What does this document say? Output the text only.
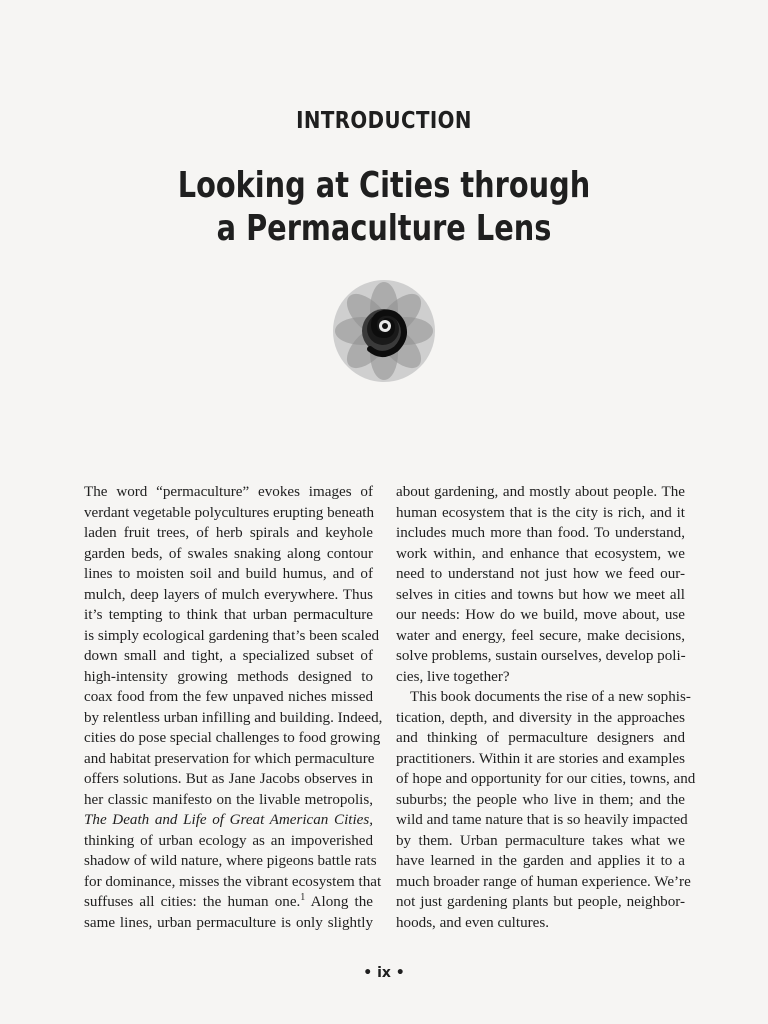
INTRODUCTION
Looking at Cities through
a Permaculture Lens
The word “permaculture” evokes images of
verdant vegetable polycultures erupting beneath
laden fruit trees, of herb spirals and keyhole
garden beds, of swales snaking along contour
lines to moisten soil and build humus, and of
mulch, deep layers of mulch everywhere. Thus
it’s tempting to think that urban permaculture
is simply ecological gardening that’s been scaled
down small and tight, a specialized subset of
high-intensity growing methods designed to
coax food from the few unpaved niches missed
by relentless urban infilling and building. Indeed,
cities do pose special challenges to food growing
and habitat preservation for which permaculture
offers solutions. But as Jane Jacobs observes in
her classic manifesto on the livable metropolis,
The Death and Life of Great American Cities,
thinking of urban ecology as an impoverished
shadow of wild nature, where pigeons battle rats
for dominance, misses the vibrant ecosystem that
suffuses all cities: the human one.$^1$ Along the
same lines, urban permaculture is only slightly
about gardening, and mostly about people. The
human ecosystem that is the city is rich, and it
includes much more than food. To understand,
work within, and enhance that ecosystem, we
need to understand not just how we feed our-
selves in cities and towns but how we meet all
our needs: How do we build, move about, use
water and energy, feel secure, make decisions,
solve problems, sustain ourselves, develop poli-
cies, live together?
This book documents the rise of a new sophis-
tication, depth, and diversity in the approaches
and thinking of permaculture designers and
practitioners. Within it are stories and examples
of hope and opportunity for our cities, towns, and
suburbs; the people who live in them; and the
wild and tame nature that is so heavily impacted
by them. Urban permaculture takes what we
have learned in the garden and applies it to a
much broader range of human experience. We’re
not just gardening plants but people, neighbor-
hoods, and even cultures.
• ix •
